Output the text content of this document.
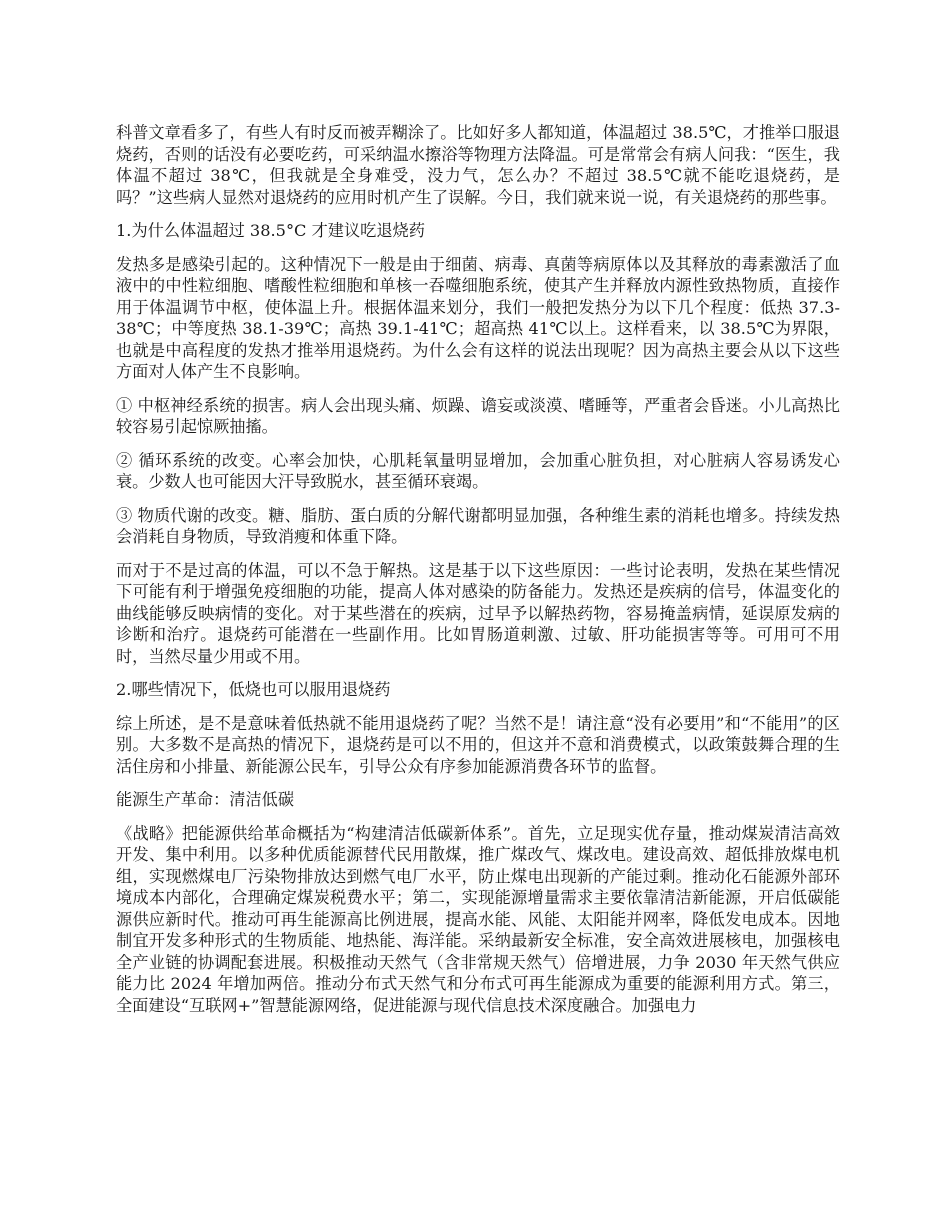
科普文章看多了，有些人有时反而被弄糊涂了。比如好多人都知道，体温超过 38.5℃，才推举口服退烧药，否则的话没有必要吃药，可采纳温水擦浴等物理方法降温。可是常常会有病人问我：“医生，我体温不超过 38℃，但我就是全身难受，没力气，怎么办？不超过 38.5℃就不能吃退烧药，是吗？”这些病人显然对退烧药的应用时机产生了误解。今日，我们就来说一说，有关退烧药的那些事。

1.为什么体温超过 38.5°C 才建议吃退烧药

发热多是感染引起的。这种情况下一般是由于细菌、病毒、真菌等病原体以及其释放的毒素激活了血液中的中性粒细胞、嗜酸性粒细胞和单核一吞噬细胞系统，使其产生并释放内源性致热物质，直接作用于体温调节中枢，使体温上升。根据体温来划分，我们一般把发热分为以下几个程度：低热 37.3-38℃；中等度热 38.1-39℃；高热 39.1-41℃；超高热 41℃以上。这样看来，以 38.5℃为界限，也就是中高程度的发热才推举用退烧药。为什么会有这样的说法出现呢？因为高热主要会从以下这些方面对人体产生不良影响。

① 中枢神经系统的损害。病人会出现头痛、烦躁、谵妄或淡漠、嗜睡等，严重者会昏迷。小儿高热比较容易引起惊厥抽搐。

② 循环系统的改变。心率会加快，心肌耗氧量明显增加，会加重心脏负担，对心脏病人容易诱发心衰。少数人也可能因大汗导致脱水，甚至循环衰竭。

③ 物质代谢的改变。糖、脂肪、蛋白质的分解代谢都明显加强，各种维生素的消耗也增多。持续发热会消耗自身物质，导致消瘦和体重下降。

而对于不是过高的体温，可以不急于解热。这是基于以下这些原因：一些讨论表明，发热在某些情况下可能有利于增强免疫细胞的功能，提高人体对感染的防备能力。发热还是疾病的信号，体温变化的曲线能够反映病情的变化。对于某些潜在的疾病，过早予以解热药物，容易掩盖病情，延误原发病的诊断和治疗。退烧药可能潜在一些副作用。比如胃肠道刺激、过敏、肝功能损害等等。可用可不用时，当然尽量少用或不用。

2.哪些情况下，低烧也可以服用退烧药

综上所述，是不是意味着低热就不能用退烧药了呢？当然不是！请注意“没有必要用”和“不能用”的区别。大多数不是高热的情况下，退烧药是可以不用的，但这并不意和消费模式，以政策鼓舞合理的生活住房和小排量、新能源公民车，引导公众有序参加能源消费各环节的监督。

能源生产革命：清洁低碳

《战略》把能源供给革命概括为“构建清洁低碳新体系”。首先，立足现实优存量，推动煤炭清洁高效开发、集中利用。以多种优质能源替代民用散煤，推广煤改气、煤改电。建设高效、超低排放煤电机组，实现燃煤电厂污染物排放达到燃气电厂水平，防止煤电出现新的产能过剩。推动化石能源外部环境成本内部化，合理确定煤炭税费水平；第二，实现能源增量需求主要依靠清洁新能源，开启低碳能源供应新时代。推动可再生能源高比例进展，提高水能、风能、太阳能并网率，降低发电成本。因地制宜开发多种形式的生物质能、地热能、海洋能。采纳最新安全标准，安全高效进展核电，加强核电全产业链的协调配套进展。积极推动天然气（含非常规天然气）倍增进展，力争 2030 年天然气供应能力比 2024 年增加两倍。推动分布式天然气和分布式可再生能源成为重要的能源利用方式。第三，全面建设“互联网+”智慧能源网络，促进能源与现代信息技术深度融合。加强电力
